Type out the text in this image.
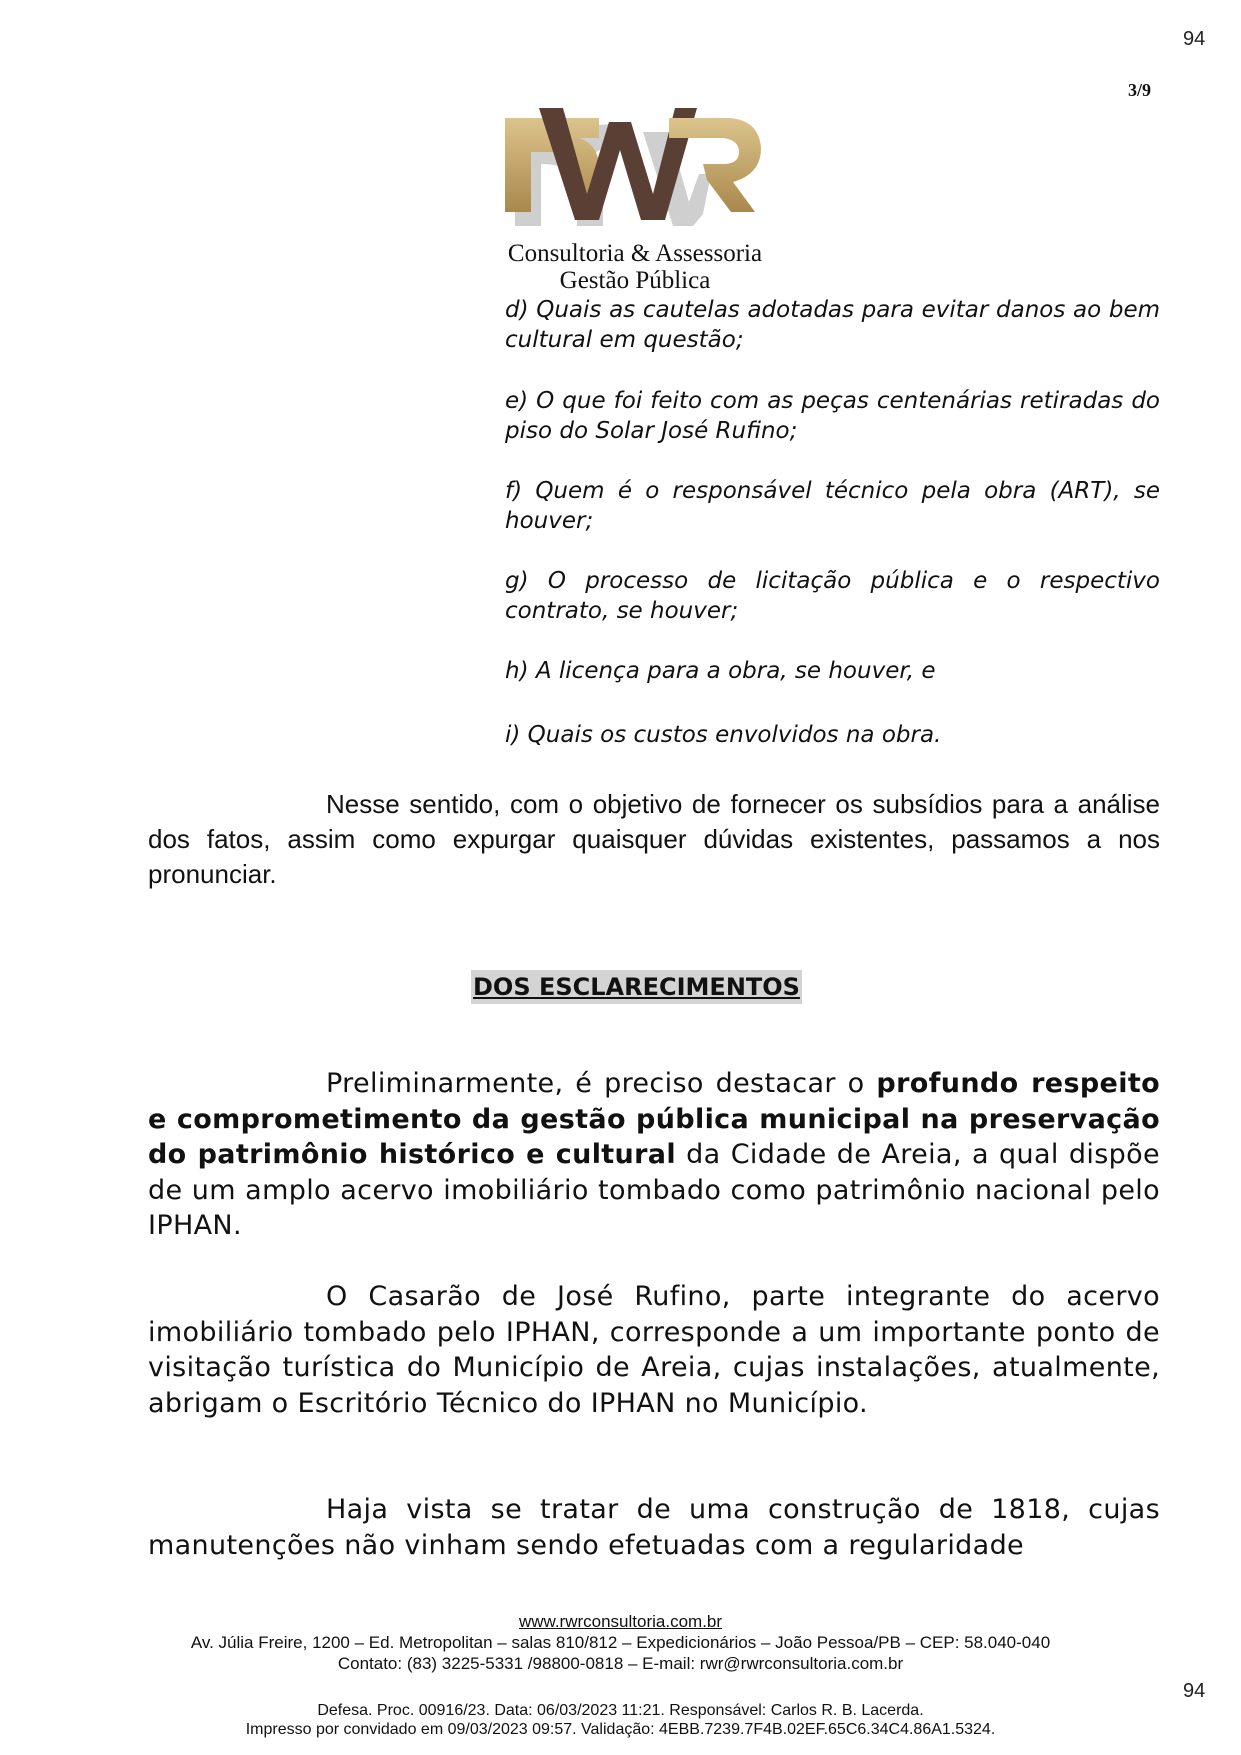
94
3/9
Consultoria & Assessoria
Gestão Pública
d) Quais as cautelas adotadas para evitar danos ao bem cultural em questão;
e) O que foi feito com as peças centenárias retiradas do piso do Solar José Rufino;
f) Quem é o responsável técnico pela obra (ART), se houver;
g) O processo de licitação pública e o respectivo contrato, se houver;
h) A licença para a obra, se houver, e
i) Quais os custos envolvidos na obra.
Nesse sentido, com o objetivo de fornecer os subsídios para a análise dos fatos, assim como expurgar quaisquer dúvidas existentes, passamos a nos pronunciar.
DOS ESCLARECIMENTOS
Preliminarmente, é preciso destacar o profundo respeito e comprometimento da gestão pública municipal na preservação do patrimônio histórico e cultural da Cidade de Areia, a qual dispõe de um amplo acervo imobiliário tombado como patrimônio nacional pelo IPHAN.
O Casarão de José Rufino, parte integrante do acervo imobiliário tombado pelo IPHAN, corresponde a um importante ponto de visitação turística do Município de Areia, cujas instalações, atualmente, abrigam o Escritório Técnico do IPHAN no Município.
Haja vista se tratar de uma construção de 1818, cujas manutenções não vinham sendo efetuadas com a regularidade
www.rwrconsultoria.com.br
Av. Júlia Freire, 1200 – Ed. Metropolitan – salas 810/812 – Expedicionários – João Pessoa/PB – CEP: 58.040-040
Contato: (83) 3225-5331 /98800-0818 – E-mail: rwr@rwrconsultoria.com.br
94
Defesa. Proc. 00916/23. Data: 06/03/2023 11:21. Responsável: Carlos R. B. Lacerda.
Impresso por convidado em 09/03/2023 09:57. Validação: 4EBB.7239.7F4B.02EF.65C6.34C4.86A1.5324.
